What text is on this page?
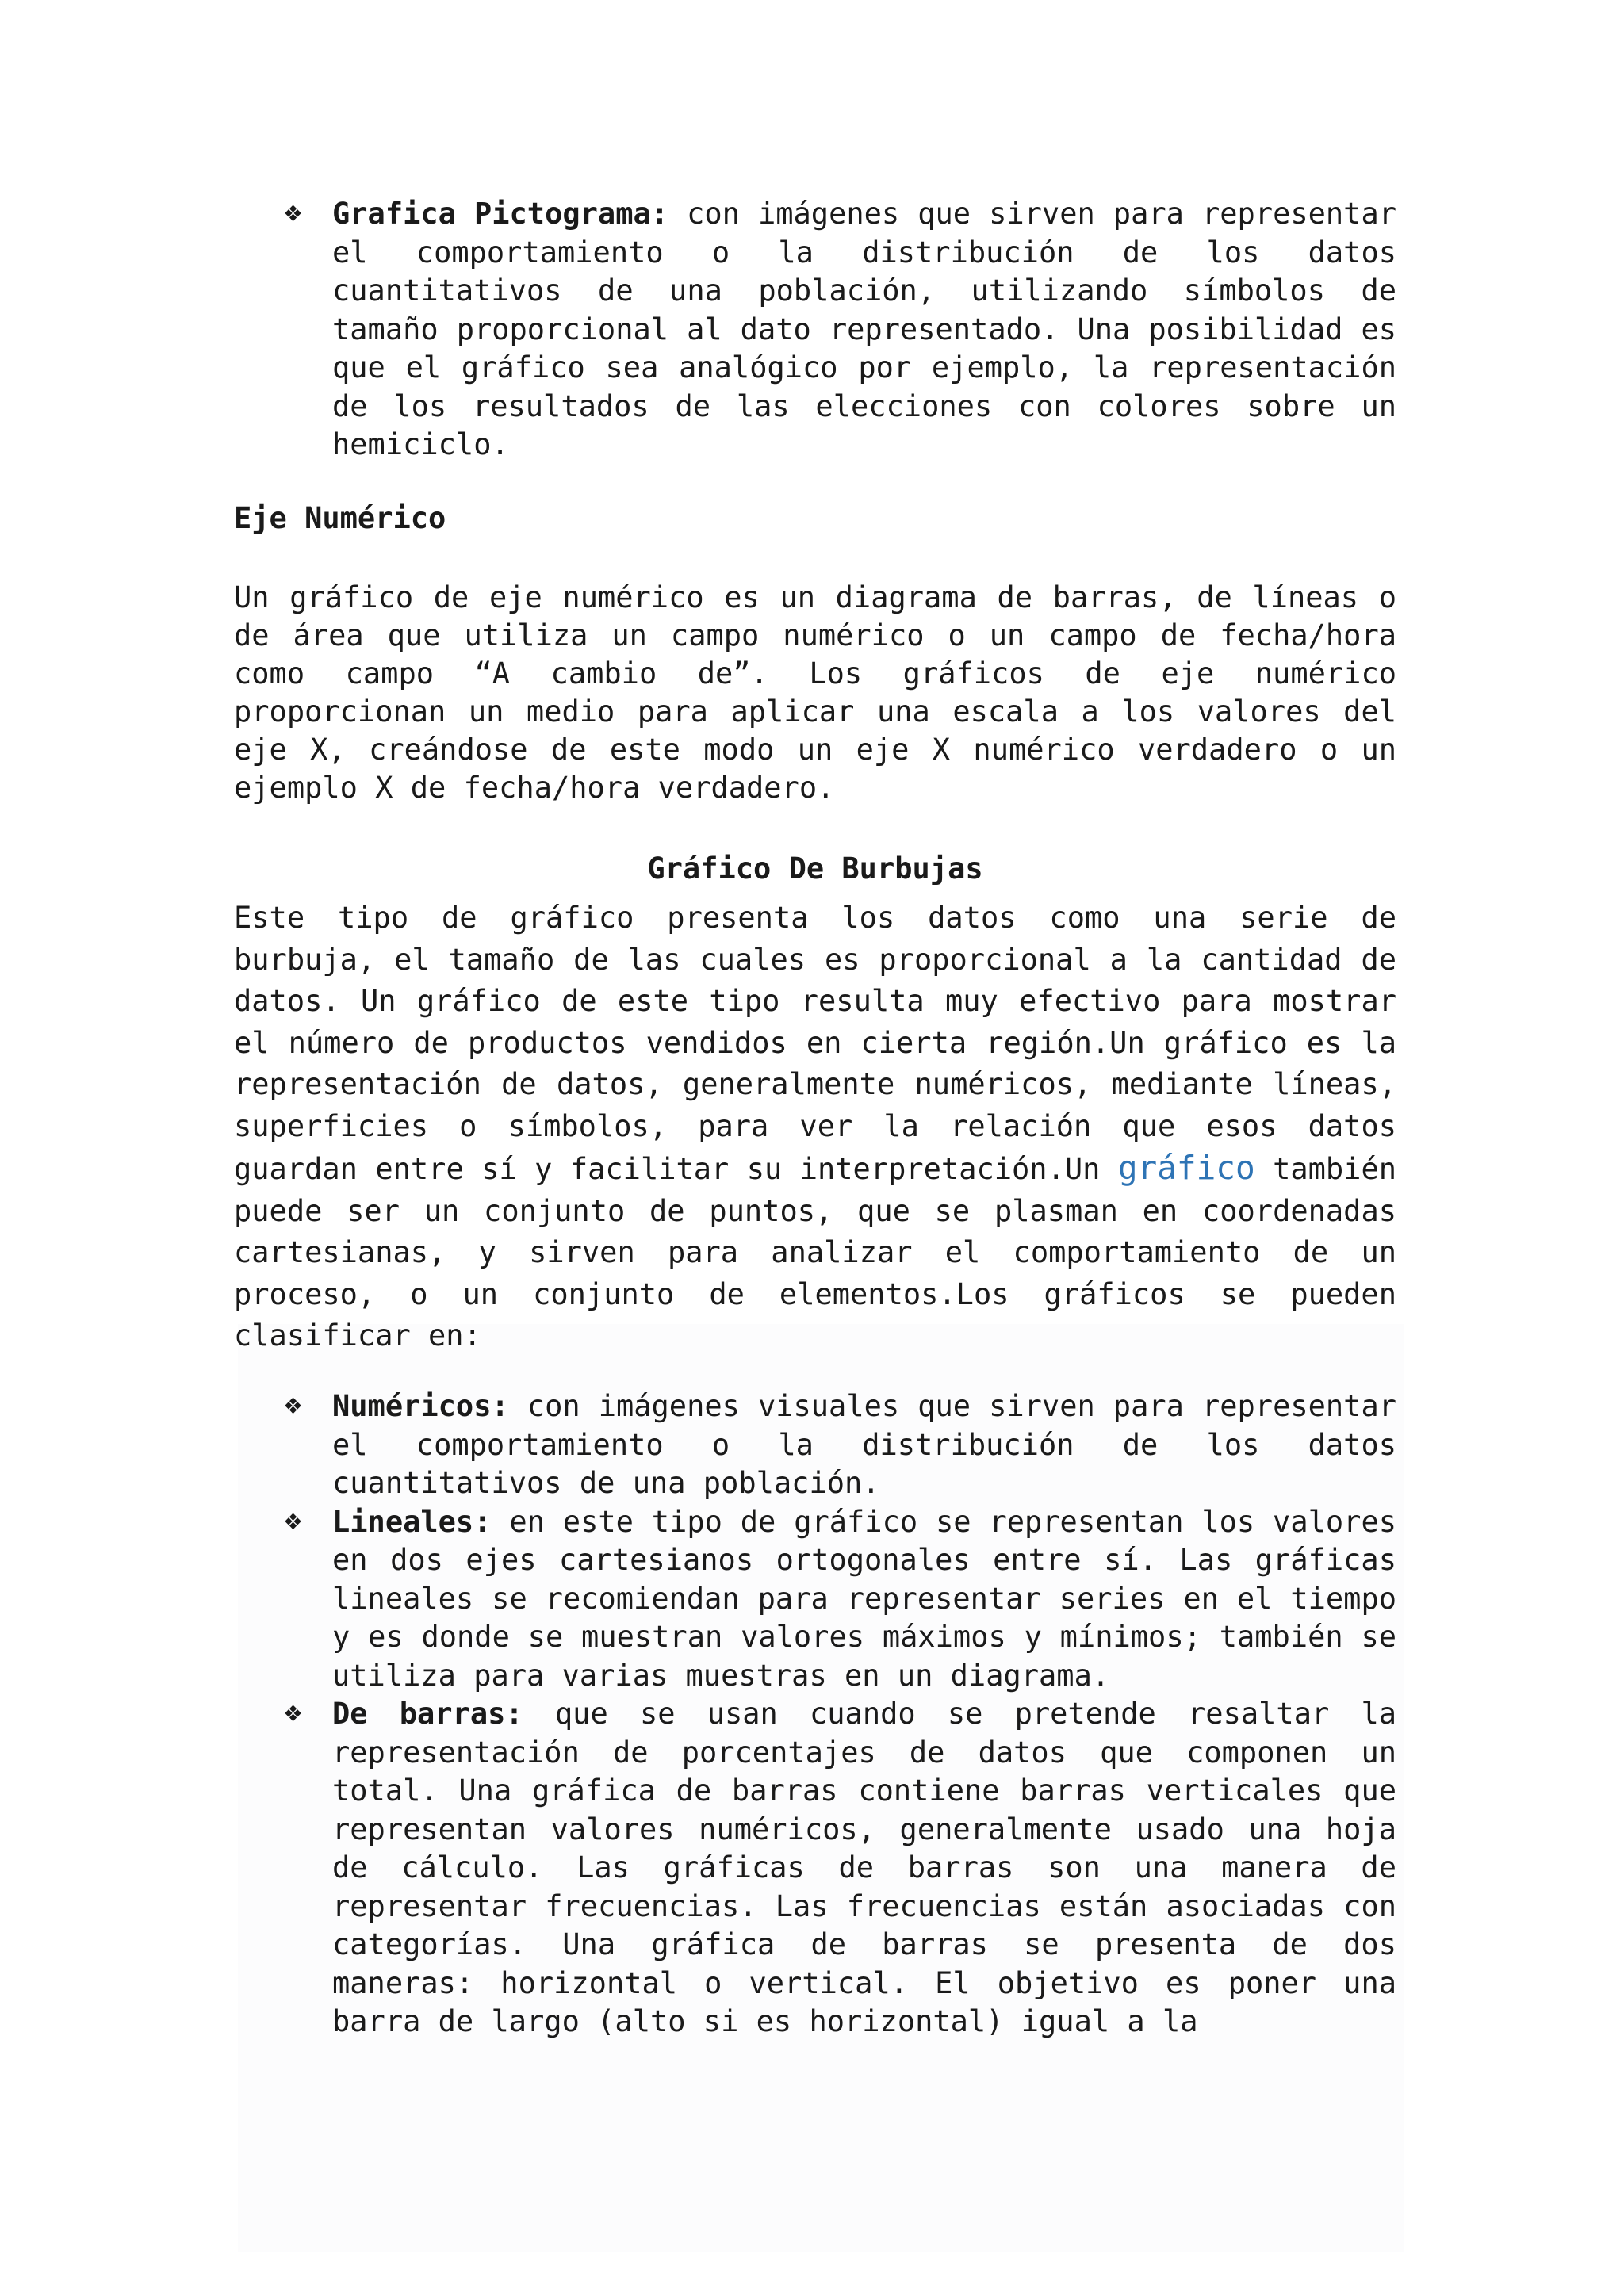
❖ Grafica Pictograma: con imágenes que sirven para representar el comportamiento o la distribución de los datos cuantitativos de una población, utilizando símbolos de tamaño proporcional al dato representado. Una posibilidad es que el gráfico sea analógico por ejemplo, la representación de los resultados de las elecciones con colores sobre un hemiciclo.

Eje Numérico

Un gráfico de eje numérico es un diagrama de barras, de líneas o de área que utiliza un campo numérico o un campo de fecha/hora como campo “A cambio de”. Los gráficos de eje numérico proporcionan un medio para aplicar una escala a los valores del eje X, creándose de este modo un eje X numérico verdadero o un ejemplo X de fecha/hora verdadero.

Gráfico De Burbujas

Este tipo de gráfico presenta los datos como una serie de burbuja, el tamaño de las cuales es proporcional a la cantidad de datos. Un gráfico de este tipo resulta muy efectivo para mostrar el número de productos vendidos en cierta región.Un gráfico es la representación de datos, generalmente numéricos, mediante líneas, superficies o símbolos, para ver la relación que esos datos guardan entre sí y facilitar su interpretación.Un gráfico también puede ser un conjunto de puntos, que se plasman en coordenadas cartesianas, y sirven para analizar el comportamiento de un proceso, o un conjunto de elementos.Los gráficos se pueden clasificar en:

❖ Numéricos: con imágenes visuales que sirven para representar el comportamiento o la distribución de los datos cuantitativos de una población.
❖ Lineales: en este tipo de gráfico se representan los valores en dos ejes cartesianos ortogonales entre sí. Las gráficas lineales se recomiendan para representar series en el tiempo y es donde se muestran valores máximos y mínimos; también se utiliza para varias muestras en un diagrama.
❖ De barras: que se usan cuando se pretende resaltar la representación de porcentajes de datos que componen un total. Una gráfica de barras contiene barras verticales que representan valores numéricos, generalmente usado una hoja de cálculo. Las gráficas de barras son una manera de representar frecuencias. Las frecuencias están asociadas con categorías. Una gráfica de barras se presenta de dos maneras: horizontal o vertical. El objetivo es poner una barra de largo (alto si es horizontal) igual a la
